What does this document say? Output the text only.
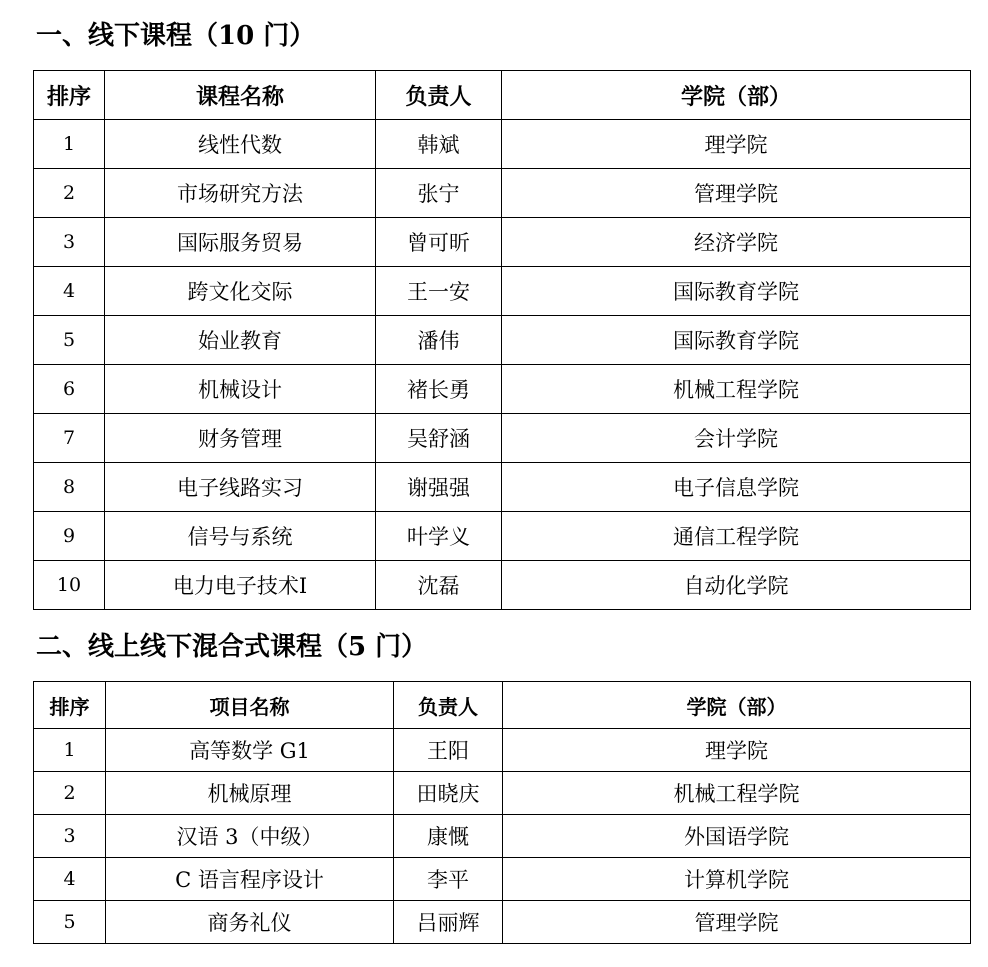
一、线下课程（10 门）
排序	课程名称	负责人	学院（部）
1	线性代数	韩斌	理学院
2	市场研究方法	张宁	管理学院
3	国际服务贸易	曾可昕	经济学院
4	跨文化交际	王一安	国际教育学院
5	始业教育	潘伟	国际教育学院
6	机械设计	褚长勇	机械工程学院
7	财务管理	吴舒涵	会计学院
8	电子线路实习	谢强强	电子信息学院
9	信号与系统	叶学义	通信工程学院
10	电力电子技术I	沈磊	自动化学院
二、线上线下混合式课程（5 门）
排序	项目名称	负责人	学院（部）
1	高等数学 G1	王阳	理学院
2	机械原理	田晓庆	机械工程学院
3	汉语 3（中级）	康慨	外国语学院
4	C 语言程序设计	李平	计算机学院
5	商务礼仪	吕丽辉	管理学院
